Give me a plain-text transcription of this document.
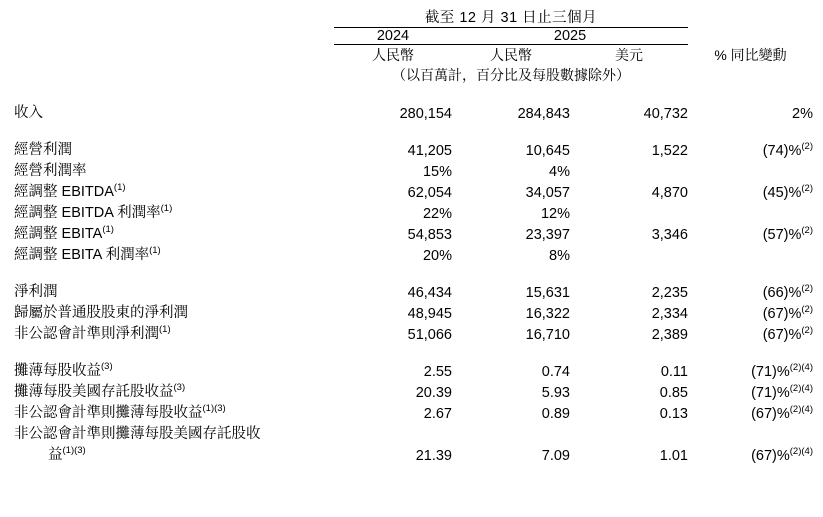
	截至 12 月 31 日止三個月			
	2024	2025		
	人民幣	人民幣	美元	% 同比變動
	（以百萬計，百分比及每股數據除外）			

收入	280,154	284,843	40,732	2%

經營利潤	41,205	10,645	1,522	(74)%$^{(2)}$
經營利潤率	15%	4%		
經調整 EBITDA$^{(1)}$	62,054	34,057	4,870	(45)%$^{(2)}$
經調整 EBITDA 利潤率$^{(1)}$	22%	12%		
經調整 EBITA$^{(1)}$	54,853	23,397	3,346	(57)%$^{(2)}$
經調整 EBITA 利潤率$^{(1)}$	20%	8%		

淨利潤	46,434	15,631	2,235	(66)%$^{(2)}$
歸屬於普通股股東的淨利潤	48,945	16,322	2,334	(67)%$^{(2)}$
非公認會計準則淨利潤$^{(1)}$	51,066	16,710	2,389	(67)%$^{(2)}$

攤薄每股收益$^{(3)}$	2.55	0.74	0.11	(71)%$^{(2)(4)}$
攤薄每股美國存託股收益$^{(3)}$	20.39	5.93	0.85	(71)%$^{(2)(4)}$
非公認會計準則攤薄每股收益$^{(1)(3)}$	2.67	0.89	0.13	(67)%$^{(2)(4)}$
非公認會計準則攤薄每股美國存託股收				
益$^{(1)(3)}$	21.39	7.09	1.01	(67)%$^{(2)(4)}$
